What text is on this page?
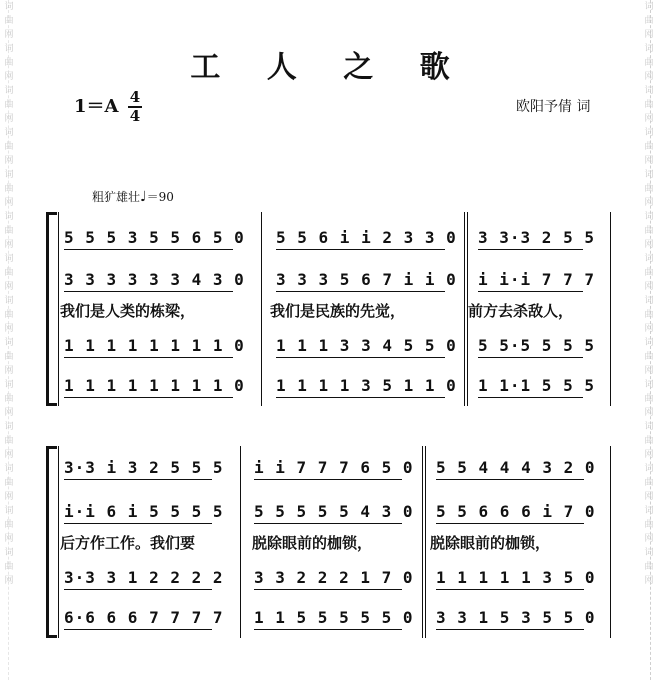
词曲网词曲网词曲网词曲网词曲网词曲网词曲网词曲网词曲网词曲网词曲网词曲网词曲网词曲网
词曲网词曲网词曲网词曲网词曲网词曲网词曲网词曲网词曲网词曲网词曲网词曲网词曲网词曲网
工 人 之 歌
1＝A 4
4	欧阳予倩 词
粗犷雄壮♩＝90
5 5 5 3 5 5 6 5 0 5 5 6 i i 2 3 3 0 3 3·3 2 5 5
3 3 3 3 3 3 4 3 0 3 3 3 5 6 7 i i 0 i i·i 7 7 7
我们是人类的栋梁，	我们是民族的先觉，	前方去杀敌人，
1 1 1 1 1 1 1 1 0 1 1 1 3 3 4 5 5 0 5 5·5 5 5 5
1 1 1 1 1 1 1 1 0 1 1 1 1 3 5 1 1 0 1 1·1 5 5 5
3·3 i 3 2 5 5 5 i i 7 7 7 6 5 0 5 5 4 4 4 3 2 0
i·i 6 i 5 5 5 5 5 5 5 5 5 4 3 0 5 5 6 6 6 i 7 0
后方作工作。我们要	脱除眼前的枷锁，	脱除眼前的枷锁，
3·3 3 1 2 2 2 2 3 3 2 2 2 1 7 0 1 1 1 1 1 3 5 0
6·6 6 6 7 7 7 7 1 1 5 5 5 5 5 0 3 3 1 5 3 5 5 0
